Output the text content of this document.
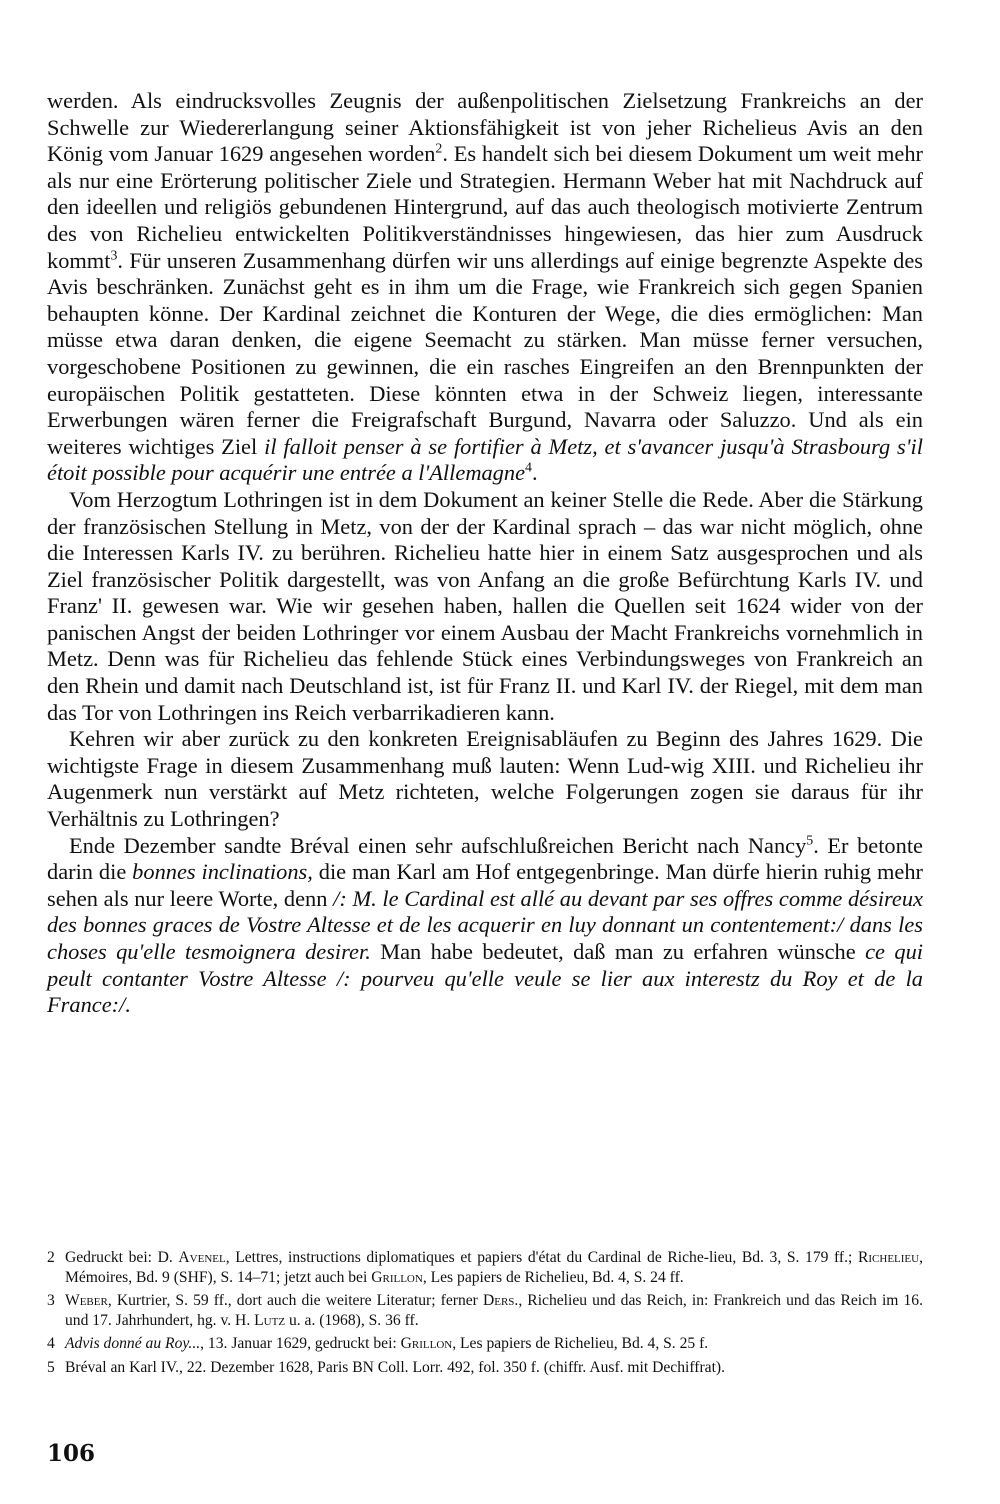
werden. Als eindrucksvolles Zeugnis der außenpolitischen Zielsetzung Frankreichs an der Schwelle zur Wiedererlangung seiner Aktionsfähigkeit ist von jeher Richelieus Avis an den König vom Januar 1629 angesehen worden$^2$. Es handelt sich bei diesem Dokument um weit mehr als nur eine Erörterung politischer Ziele und Strategien. Hermann Weber hat mit Nachdruck auf den ideellen und religiös gebundenen Hintergrund, auf das auch theologisch motivierte Zentrum des von Richelieu entwickelten Politikverständnisses hingewiesen, das hier zum Ausdruck kommt$^3$. Für unseren Zusammenhang dürfen wir uns allerdings auf einige begrenzte Aspekte des Avis beschränken. Zunächst geht es in ihm um die Frage, wie Frankreich sich gegen Spanien behaupten könne. Der Kardinal zeichnet die Konturen der Wege, die dies ermöglichen: Man müsse etwa daran denken, die eigene Seemacht zu stärken. Man müsse ferner versuchen, vorgeschobene Positionen zu gewinnen, die ein rasches Eingreifen an den Brennpunkten der europäischen Politik gestatteten. Diese könnten etwa in der Schweiz liegen, interessante Erwerbungen wären ferner die Freigrafschaft Burgund, Navarra oder Saluzzo. Und als ein weiteres wichtiges Ziel il falloit penser à se fortifier à Metz, et s'avancer jusqu'à Strasbourg s'il étoit possible pour acquérir une entrée a l'Allemagne$^4$.

Vom Herzogtum Lothringen ist in dem Dokument an keiner Stelle die Rede. Aber die Stärkung der französischen Stellung in Metz, von der der Kardinal sprach – das war nicht möglich, ohne die Interessen Karls IV. zu berühren. Richelieu hatte hier in einem Satz ausgesprochen und als Ziel französischer Politik dargestellt, was von Anfang an die große Befürchtung Karls IV. und Franz' II. gewesen war. Wie wir gesehen haben, hallen die Quellen seit 1624 wider von der panischen Angst der beiden Lothringer vor einem Ausbau der Macht Frankreichs vornehmlich in Metz. Denn was für Richelieu das fehlende Stück eines Verbindungsweges von Frankreich an den Rhein und damit nach Deutschland ist, ist für Franz II. und Karl IV. der Riegel, mit dem man das Tor von Lothringen ins Reich verbarrikadieren kann.

Kehren wir aber zurück zu den konkreten Ereignisabläufen zu Beginn des Jahres 1629. Die wichtigste Frage in diesem Zusammenhang muß lauten: Wenn Lud-wig XIII. und Richelieu ihr Augenmerk nun verstärkt auf Metz richteten, welche Folgerungen zogen sie daraus für ihr Verhältnis zu Lothringen?

Ende Dezember sandte Bréval einen sehr aufschlußreichen Bericht nach Nancy$^5$. Er betonte darin die bonnes inclinations, die man Karl am Hof entgegenbringe. Man dürfe hierin ruhig mehr sehen als nur leere Worte, denn /: M. le Cardinal est allé au devant par ses offres comme désireux des bonnes graces de Vostre Altesse et de les acquerir en luy donnant un contentement:/ dans les choses qu'elle tesmoignera desirer. Man habe bedeutet, daß man zu erfahren wünsche ce qui peult contanter Vostre Altesse /: pourveu qu'elle veule se lier aux interestz du Roy et de la France:/.

2 Gedruckt bei: D. Avenel, Lettres, instructions diplomatiques et papiers d'état du Cardinal de Riche-lieu, Bd. 3, S. 179 ff.; Richelieu, Mémoires, Bd. 9 (SHF), S. 14–71; jetzt auch bei Grillon, Les papiers de Richelieu, Bd. 4, S. 24 ff.
3 Weber, Kurtrier, S. 59 ff., dort auch die weitere Literatur; ferner Ders., Richelieu und das Reich, in: Frankreich und das Reich im 16. und 17. Jahrhundert, hg. v. H. Lutz u. a. (1968), S. 36 ff.
4 Advis donné au Roy..., 13. Januar 1629, gedruckt bei: Grillon, Les papiers de Richelieu, Bd. 4, S. 25 f.
5 Bréval an Karl IV., 22. Dezember 1628, Paris BN Coll. Lorr. 492, fol. 350 f. (chiffr. Ausf. mit Dechiffrat).
106
